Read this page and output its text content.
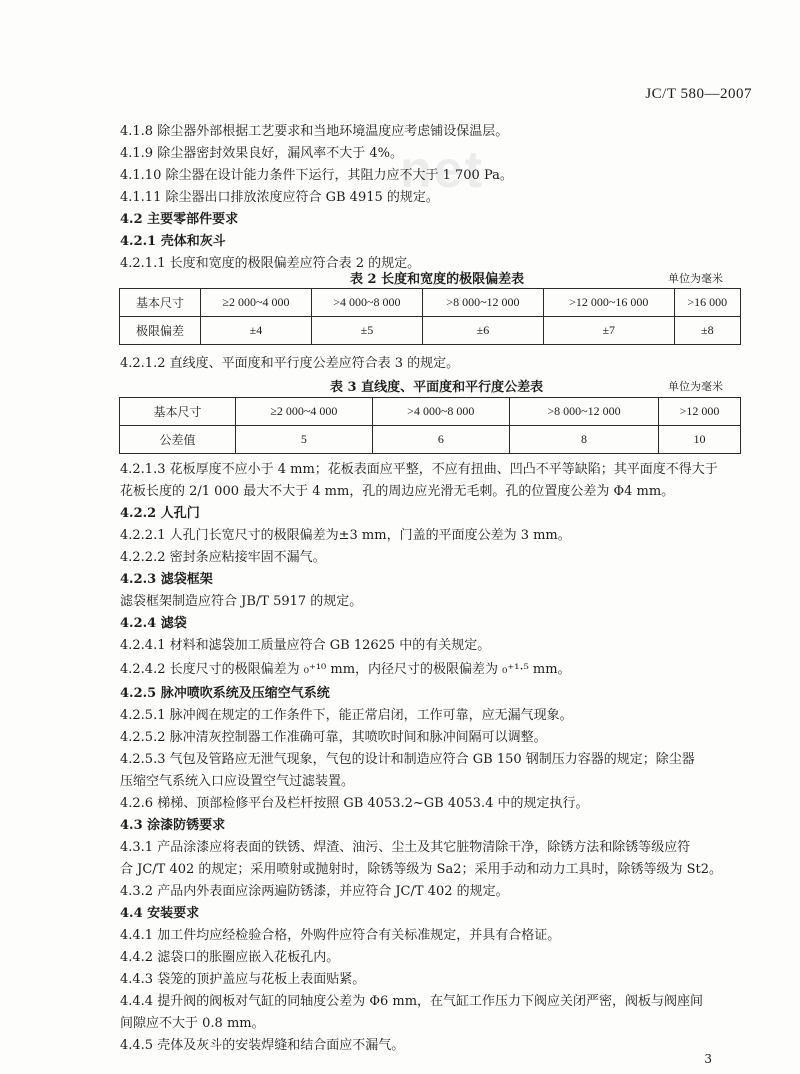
JC/T 580—2007
net
4.1.8 除尘器外部根据工艺要求和当地环境温度应考虑铺设保温层。
4.1.9 除尘器密封效果良好，漏风率不大于 4%。
4.1.10 除尘器在设计能力条件下运行，其阻力应不大于 1 700 Pa。
4.1.11 除尘器出口排放浓度应符合 GB 4915 的规定。
4.2 主要零部件要求
4.2.1 壳体和灰斗
4.2.1.1 长度和宽度的极限偏差应符合表 2 的规定。
表 2 长度和宽度的极限偏差表	单位为毫米
基本尺寸	≥2 000~4 000	>4 000~8 000	>8 000~12 000	>12 000~16 000	>16 000
极限偏差	±4	±5	±6	±7	±8
4.2.1.2 直线度、平面度和平行度公差应符合表 3 的规定。
表 3 直线度、平面度和平行度公差表	单位为毫米
基本尺寸	≥2 000~4 000	>4 000~8 000	>8 000~12 000	>12 000
公差值	5	6	8	10
4.2.1.3 花板厚度不应小于 4 mm；花板表面应平整，不应有扭曲、凹凸不平等缺陷；其平面度不得大于
花板长度的 2/1 000 最大不大于 4 mm，孔的周边应光滑无毛刺。孔的位置度公差为 Φ4 mm。
4.2.2 人孔门
4.2.2.1 人孔门长宽尺寸的极限偏差为±3 mm，门盖的平面度公差为 3 mm。
4.2.2.2 密封条应粘接牢固不漏气。
4.2.3 滤袋框架
滤袋框架制造应符合 JB/T 5917 的规定。
4.2.4 滤袋
4.2.4.1 材料和滤袋加工质量应符合 GB 12625 中的有关规定。
4.2.4.2 长度尺寸的极限偏差为 ₀⁺¹⁰ mm，内径尺寸的极限偏差为 ₀⁺¹·⁵ mm。
4.2.5 脉冲喷吹系统及压缩空气系统
4.2.5.1 脉冲阀在规定的工作条件下，能正常启闭，工作可靠，应无漏气现象。
4.2.5.2 脉冲清灰控制器工作准确可靠，其喷吹时间和脉冲间隔可以调整。
4.2.5.3 气包及管路应无泄气现象，气包的设计和制造应符合 GB 150 钢制压力容器的规定；除尘器
压缩空气系统入口应设置空气过滤装置。
4.2.6 梯梯、顶部检修平台及栏杆按照 GB 4053.2~GB 4053.4 中的规定执行。
4.3 涂漆防锈要求
4.3.1 产品涂漆应将表面的铁锈、焊渣、油污、尘土及其它脏物清除干净，除锈方法和除锈等级应符
合 JC/T 402 的规定；采用喷射或抛射时，除锈等级为 Sa2；采用手动和动力工具时，除锈等级为 St2。
4.3.2 产品内外表面应涂两遍防锈漆，并应符合 JC/T 402 的规定。
4.4 安装要求
4.4.1 加工件均应经检验合格，外购件应符合有关标准规定，并具有合格证。
4.4.2 滤袋口的胀圈应嵌入花板孔内。
4.4.3 袋笼的顶护盖应与花板上表面贴紧。
4.4.4 提升阀的阀板对气缸的同轴度公差为 Φ6 mm，在气缸工作压力下阀应关闭严密，阀板与阀座间
间隙应不大于 0.8 mm。
4.4.5 壳体及灰斗的安装焊缝和结合面应不漏气。
3
